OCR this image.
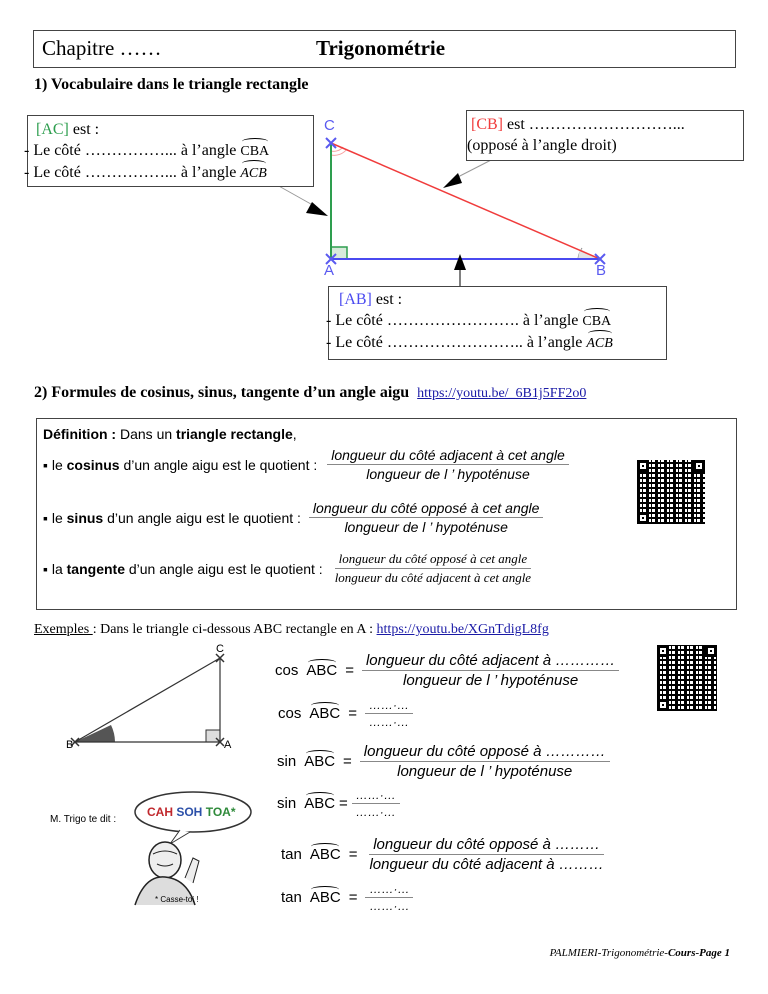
Chapitre ……	Trigonométrie
1) Vocabulaire dans le triangle rectangle
C
A	B
[AC] est :
- Le côté ……………... à l’angle CBA
- Le côté ……………... à l’angle ACB
[CB] est ………………………...
(opposé à l’angle droit)
[AB] est :
- Le côté ……………………. à l’angle CBA
- Le côté …………………….. à l’angle ACB
2) Formules de cosinus, sinus, tangente d’un angle aigu https://youtu.be/_6B1j5FF2o0
Définition : Dans un triangle rectangle,
▪ le
cosinus
d’un angle aigu est le quotient : $\frac{\text{longueur du côté adjacent à cet angle}}{\text{longueur de l ’ hypoténuse}}$
▪ le
sinus
d’un angle aigu est le quotient : $\frac{\text{longueur du côté opposé à cet angle}}{\text{longueur de l ’ hypoténuse}}$
▪ la
tangente
d’un angle aigu est le quotient : $\frac{\text{longueur du côté opposé à cet angle}}{\text{longueur du côté adjacent à cet angle}}$
Exemples : Dans le triangle ci-dessous ABC rectangle en A : https://youtu.be/XGnTdigL8fg
C
B	A
cos ABC = $\frac{\text{longueur du côté adjacent à …………}}{\text{longueur de l ’ hypoténuse}}$
cos ABC = $\frac{\dots\dots\cdot\dots}{\dots\dots\cdot\dots}$
sin ABC = $\frac{\text{longueur du côté opposé à …………}}{\text{longueur de l ’ hypoténuse}}$
sin ABC = $\frac{\dots\dots\cdot\dots}{\dots\dots\cdot\dots}$
tan ABC = $\frac{\text{longueur du côté opposé à ………}}{\text{longueur du côté adjacent à ………}}$
tan ABC = $\frac{\dots\dots\cdot\dots}{\dots\dots\cdot\dots}$
M. Trigo te dit :
CAH SOH TOA*
* Casse-toi !
PALMIERI-Trigonométrie-Cours-Page 1
